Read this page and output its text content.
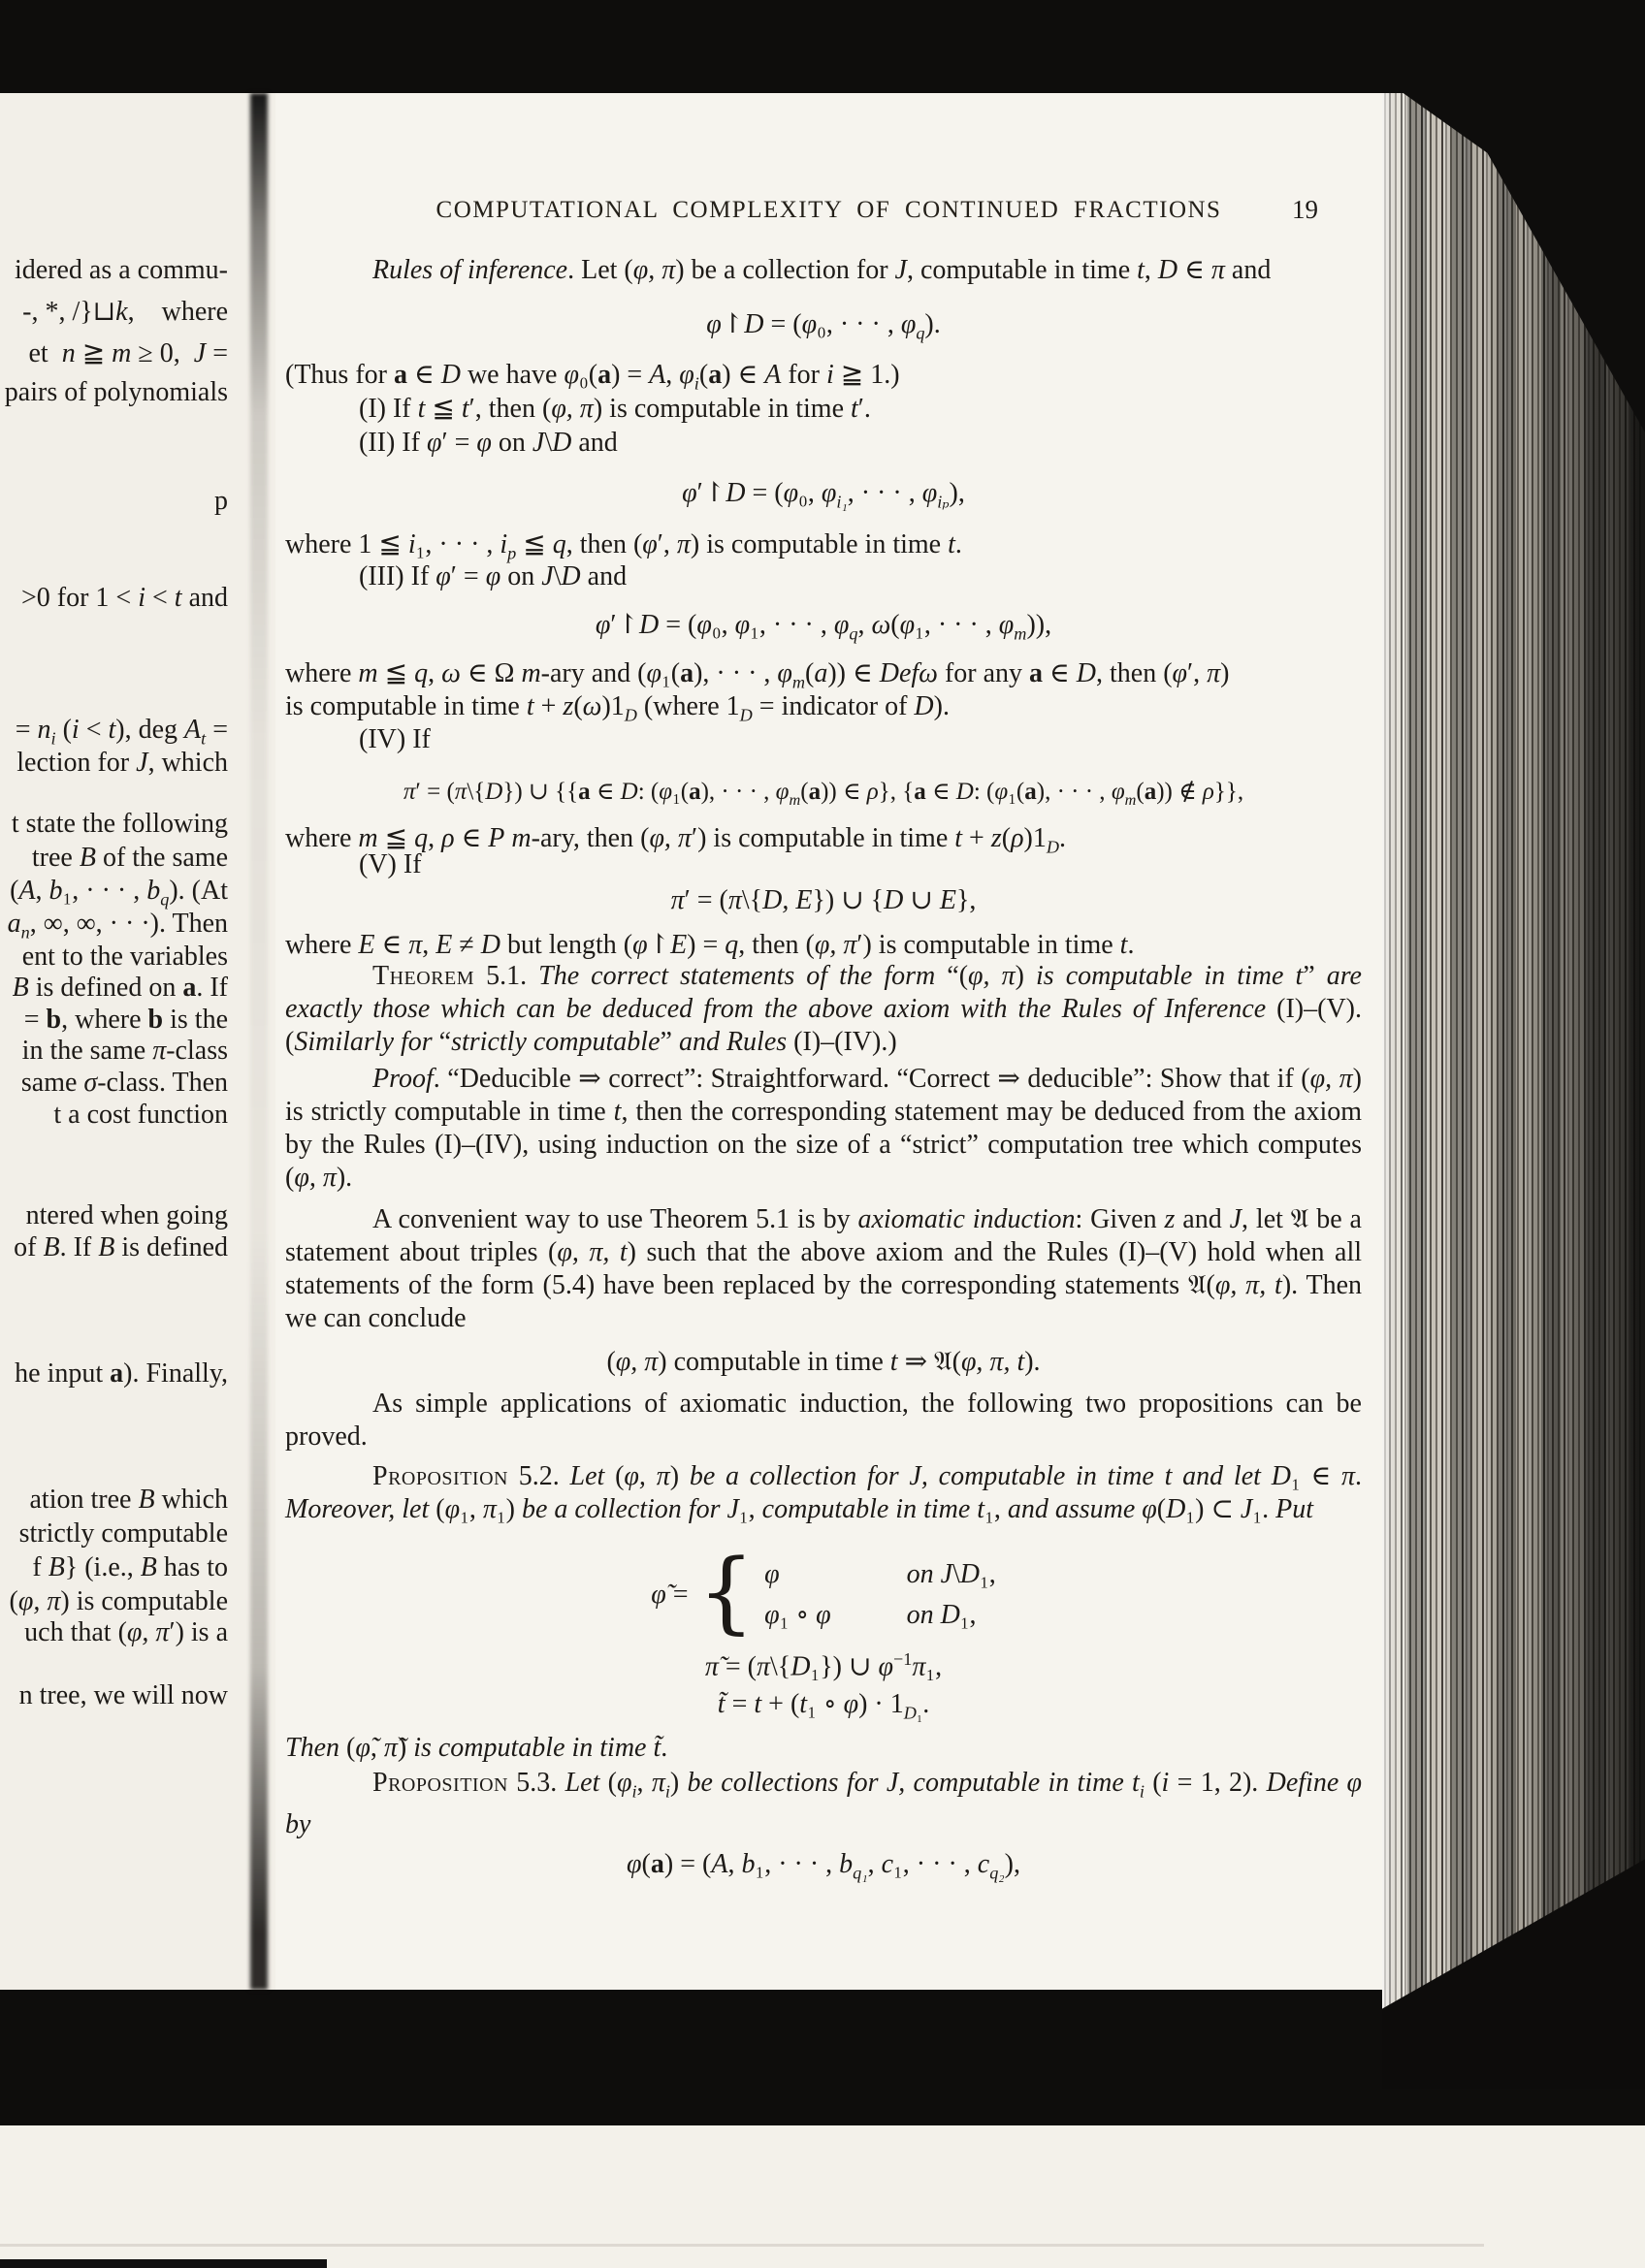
idered as a commu-
-, *, /}⊔k,    where
et  n ≧ m ≥ 0,  J =
pairs of polynomials
p
>0 for 1 < i < t and
= $n_i$ (i < t), deg $A_t$ =
lection for J, which
t state the following
tree B of the same
(A, b₁, · · · , $b_q$). (At
$a_n$, ∞, ∞, · · ·). Then
ent to the variables
B is defined on a. If
= b, where b is the
in the same π-class
same σ-class. Then
t a cost function
ntered when going
of B. If B is defined
he input a). Finally,
ation tree B which
strictly computable
f B} (i.e., B has to
(φ, π) is computable
uch that (φ, π′) is a
n tree, we will now
COMPUTATIONAL COMPLEXITY OF CONTINUED FRACTIONS	19
Rules of inference. Let (φ, π) be a collection for J, computable in time t, D ∈ π and
φ↾D = (φ₀, · · · , $\varphi_q$).
(Thus for a ∈ D we have φ₀(a) = A, $\varphi_i(a)$ ∈ A for i ≧ 1.)
(I) If t ≦ t′, then (φ, π) is computable in time t′.
(II) If φ′ = φ on J\D and
φ′↾D = (φ₀, $\varphi_{i_1}$, · · · , $\varphi_{i_p}$),
where 1 ≦ i₁, · · · , $i_p$ ≦ q, then (φ′, π) is computable in time t.
(III) If φ′ = φ on J\D and
φ′↾D = (φ₀, φ₁, · · · , $\varphi_q$, ω(φ₁, · · · , $\varphi_m$)),
where m ≦ q, ω ∈ Ω m-ary and (φ₁(a), · · · , $\varphi_m(a)$) ∈ Defω for any a ∈ D, then (φ′, π)
is computable in time $t + z(\omega)1_D$ (where $1_D$ = indicator of D).
(IV) If
π′ = (π\{D}) ∪ {{a ∈ D: (φ₁(a), · · · , $\varphi_m(a)$) ∈ ρ}, {a ∈ D: (φ₁(a), · · · , $\varphi_m(a)$) ∉ ρ}},
where m ≦ q, ρ ∈ P m-ary, then (φ, π′) is computable in time $t + z(\rho)1_D$.
(V) If
π′ = (π\{D, E}) ∪ {D ∪ E},
where E ∈ π, E ≠ D but length (φ↾E) = q, then (φ, π′) is computable in time t.
Theorem 5.1. The correct statements of the form “(φ, π) is computable in time t” are exactly those which can be deduced from the above axiom with the Rules of Inference (I)–(V). (Similarly for “strictly computable” and Rules (I)–(IV).)
Proof. “Deducible ⇒ correct”: Straightforward. “Correct ⇒ deducible”: Show that if (φ, π) is strictly computable in time t, then the corresponding statement may be deduced from the axiom by the Rules (I)–(IV), using induction on the size of a “strict” computation tree which computes (φ, π).
A convenient way to use Theorem 5.1 is by axiomatic induction: Given z and J, let 𝔄 be a statement about triples (φ, π, t) such that the above axiom and the Rules (I)–(V) hold when all statements of the form (5.4) have been replaced by the corresponding statements 𝔄(φ, π, t). Then we can conclude
(φ, π) computable in time t ⇒ 𝔄(φ, π, t).
As simple applications of axiomatic induction, the following two propositions can be proved.
Proposition 5.2. Let (φ, π) be a collection for J, computable in time t and let D₁ ∈ π. Moreover, let (φ₁, π₁) be a collection for J₁, computable in time t₁, and assume φ(D₁) ⊂ J₁. Put
φ̃ = { φ	on J\D₁,
φ₁ ∘ φ	on D₁,
π̃ = (π\{D₁}) ∪ $\varphi^{-1}\pi_1$,
t̃ = t + (t₁ ∘ $\varphi) \cdot 1_{D_1}$.
Then (φ̃, π̃) is computable in time t̃.
Proposition 5.3. Let ($\varphi_i$, $\pi_i$) be collections for J, computable in time $t_i$ (i = 1, 2). Define φ by
φ(a) = (A, b₁, · · · , $b_{q_1}$, c₁, · · · , $c_{q_2}$),
